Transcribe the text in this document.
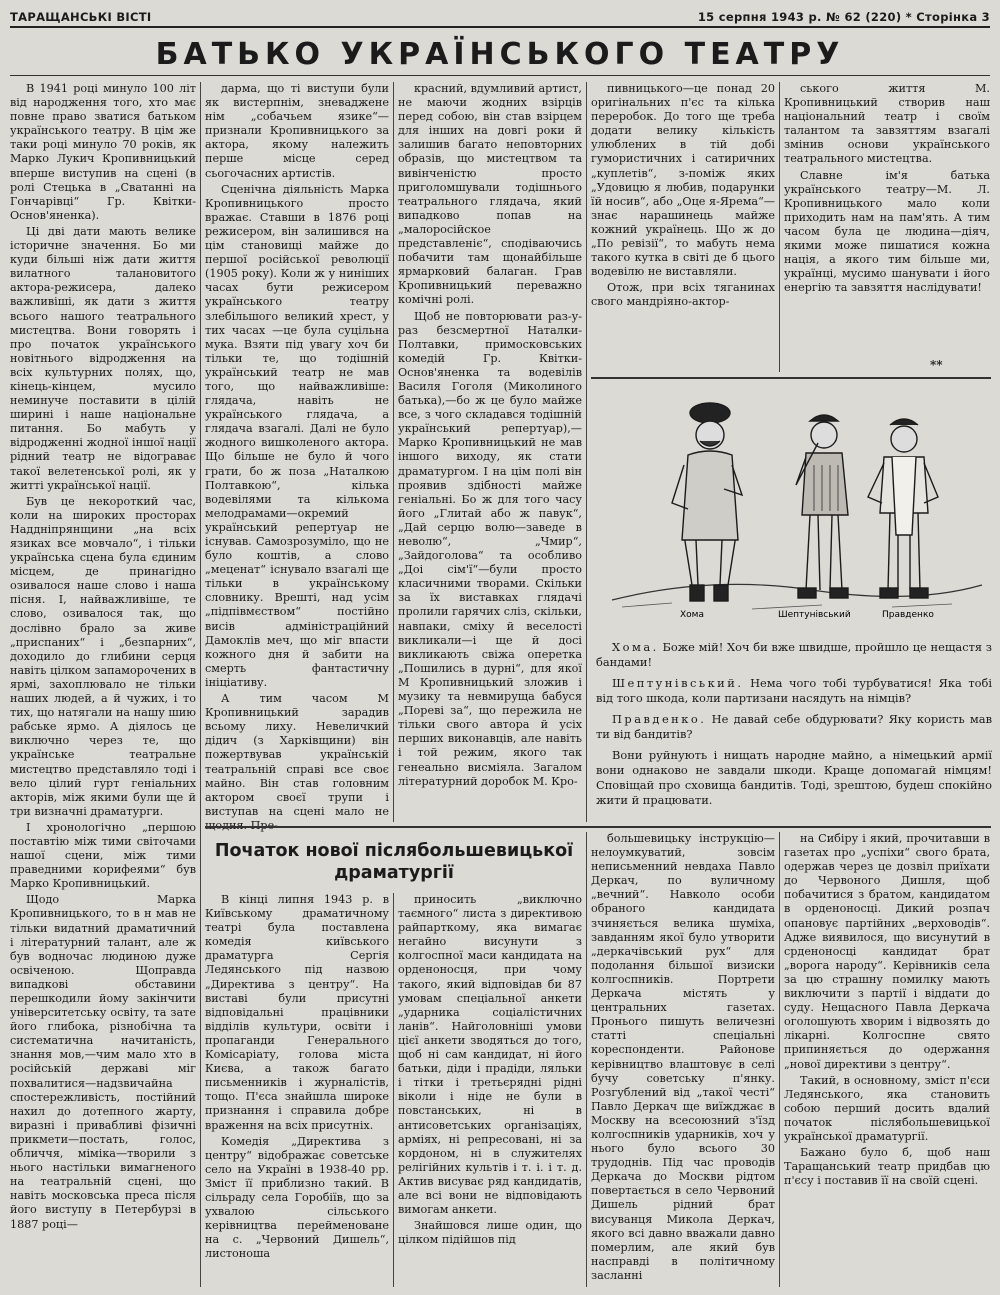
ТАРАЩАНСЬКІ ВІСТІ	15 серпня 1943 р. № 62 (220) * Сторінка 3
БАТЬКО УКРАЇНСЬКОГО ТЕАТРУ

В 1941 році минуло 100 літ від народження того, хто має повне право зватися батьком українського театру. В цім же таки році минуло 70 років, як Марко Лукич Кропивницький вперше виступив на сцені (в ролі Стецька в „Сватанні на Гончарівці“ Гр. Квітки-Основ'яненка).

Ці дві дати мають велике історичне значення. Бо ми куди більші ніж дати життя вилатного талановитого актора-режисера, далеко важливіші, як дати з життя всього нашого театрального мистецтва. Вони говорять і про початок українського новітнього відродження на всіх культурних полях, що, кінець-кінцем, мусило неминуче поставити в цілій ширині і наше національне питання. Бо мабуть у відродженні жодної іншої нації рідний театр не відограває такої велетенської ролі, як у житті української нації.

Був це некороткий час, коли на широких просторах Наддніпрянщини „на всіх язиках все мовчало“, і тільки українська сцена була єдиним місцем, де принагідно озивалося наше слово і наша пісня. І, найважливіше, те слово, озивалося так, що дослівно брало за живе „приспаних“ і „безпарних“, доходило до глибини серця навіть цілком запаморочених в ярмі, захоплювало не тільки наших людей, а й чужих, і то тих, що натягали на нашу шию рабське ярмо. А діялось це виключно через те, що українське театральне мистецтво представляло тоді і вело цілий гурт геніальних акторів, між якими були ще й три визначні драматурги.

І хронологічно „першою поставтію між тими світочами нашої сцени, між тими праведними корифеями“ був Марко Кропивницький.

Щодо Марка Кропивницького, то в н мав не тільки видатний драматичний і літературний талант, але ж був водночас людиною дуже освіченою. Щоправда випадкові обставини перешкодили йому закінчити університетську освіту, та зате його глибока, різнобічна та систематична начитаність, знання мов,—чим мало хто в російській державі міг похвалитися—надзвичайна спостережливість, постійний нахил до дотепного жарту, виразні і привабливі фізичні прикмети—постать, голос, обличчя, міміка—творили з нього настільки вимагненого на театральній сцені, що навіть московська преса після його виступу в Петербурзі в 1887 році—

дарма, що ті виступи були як вистерпнім, зневаджене нім „собачьем язике“—признали Кропивницького за актора, якому належить перше місце серед сьогочасних артистів.

Сценічна діяльність Марка Кропивницького просто вражає. Ставши в 1876 році режисером, він залишився на цім становищі майже до першої російської революції (1905 року). Коли ж у ниніших часах бути режисером українського театру злебільшого великий хрест, у тих часах —це була суцільна мука. Взяти під увагу хоч би тільки те, що тодішній український театр не мав того, що найважливіше: глядача, навіть не українського глядача, а глядача взагалі. Далі не було жодного вишколеного актора. Що більше не було й чого грати, бо ж поза „Наталкою Полтавкою“, кілька водевілями та кількома мелодрамами—окремий український репертуар не існував. Самозрозуміло, що не було коштів, а слово „меценат“ існувало взагалі ще тільки в українському словнику. Врешті, над усім „підпівмєством“ постійно висів адміністраційний Дамоклів меч, що міг впасти кожного дня й забити на смерть фантастичну ініціативу.

А тим часом М Кропивницький зарадив всьому лиху. Невеличкий дідич (з Харківщини) він пожертвував українській театральній справі все своє майно. Він став головним актором своєї трупи і виступав на сцені мало не

красний, вдумливий артист, не маючи жодних взірців перед собою, він став взірцем для інших на довгі роки й залишив багато неповторних образів, що мистецтвом та вивінченістю просто приголомшували тодішнього театрального глядача, який випадково попав на „малоросійское представленіє“, сподіваючись побачити там щонайбільше ярмарковий балаган. Грав Кропивницький переважно комічні ролі.

Щоб не повторювати раз-у-раз безсмертної Наталки-Полтавки, примосковських комедій Гр. Квітки-Основ'яненка та водевілів Василя Гоголя (Миколиного батька),—бо ж це було майже все, з чого складався тодішній український репертуар),—Марко Кропивницький не мав іншого виходу, як стати драматургом. І на цім полі він проявив здібності майже геніальні. Бо ж для того часу його „Глитай або ж павук“, „Дай серцю волю—заведе в неволю“, „Чмир“, „Зайдоголова“ та особливо „Доі сім'ї“—були просто класичними творами. Скільки за їх виставках глядачі пролили гарячих сліз, скільки, навпаки, сміху й веселості викликали—і ще й досі викликають свіжа оперетка „Пошились в дурні“, для якої М Кропивницький зложив і музику та невмируща бабуся „Пореві за“, що пережила не тільки свого автора й усіх перших виконавців, але навіть і той режим, якого так генеально висміяла. Загалом літературний доробок М. Кро-

пивницького—це понад 20 оригінальних п'єс та кілька переробок. До того ще треба додати велику кількість улюблених в тій добі гумористичних і сатиричних „куплетів“, з-поміж яких „Удовицю я любив, подарунки їй носив“, або „Оце я-Ярема“—знає нарашинець майже кожний українець. Що ж до „По ревізії“, то мабуть нема такого кутка в світі де б цього водевілю не виставляли.

Отож, при всіх тяганинах свого мандріяно-актор-

ського життя М. Кропивницький створив наш національний театр і своїм талантом та завзяттям взагалі змінив основи українського театрального мистецтва.

Славне ім'я батька українського театру—М. Л. Кропивницького мало коли приходить нам на пам'ять. А тим часом була це людина—діяч, якими може пишатися кожна нація, а якого тим більше ми, українці, мусимо шанувати і його енергію та завзяття наслідувати!

**
Хома	Шептунівський	Правденко

Хома. Боже мій! Хоч би вже швидше, пройшло це нещастя з бандами!

Шептунівський. Нема чого тобі турбуватися! Яка тобі від того шкода, коли партизани насядуть на німців?

Правденко. Не давай себе обдурювати? Яку користь мав ти від бандитів?

Вони руйнують і нищать народне майно, а німецький армії вони однаково не завдали шкоди. Краще допомагай німцям! Сповіщай про сховища бандитів. Тоді, зрештою, будеш спокійно жити й працювати.

Початок нової післябольшевицької
драматургії

В кінці липня 1943 р. в Київському драматичному театрі була поставлена комедія київського драматурга Сергія Ледянського під назвою „Директива з центру“. На виставі були присутні відповідальні працівники відділів культури, освіти і пропаганди Генерального Комісаріату, голова міста Києва, а також багато письменників і журналістів, тощо. П'єса знайшла широке признання і справила добре враження на всіх присутніх.

Комедія „Директива з центру“ відображає советське село на Україні в 1938-40 рр. Зміст її приблизно такий. В сільраду села Горобіїв, що за ухвалою сільського керівництва перейменоване на с. „Червоний Дишель“, листоноша

приносить „виключно таємного“ листа з директивою райпарткому, яка вимагає негайно висунути з колгоспної маси кандидата на орденоносця, при чому такого, який відповідав би 87 умовам спеціальної анкети „ударника соціалістичних ланів“. Найголовніші умови цієї анкети зводяться до того, щоб ні сам кандидат, ні його батьки, діди і прадіди, ляльки і тітки і третьєрядні рідні віколи і ніде не були в повстанських, ні в антисоветських організаціях, арміях, ні репресовані, ні за кордоном, ні в служителях релігійних культів і т. і. і т. д. Актив висуває ряд кандидатів, але всі вони не відповідають вимогам анкети.

Знайшовся лише один, що цілком підійшов під

большевицьку інструкцію—нелоумкуватий, зовсім неписьменний невдаха Павло Деркач, по вуличному „вечний“. Навколо особи обраного кандидата зчиняється велика шуміха, завданням якої було утворити „деркачівський рух“ для подолання більшої визиски колгоспників. Портрети Деркача містять у центральних газетах. Пронього пишуть величезні статті спеціальні кореспонденти. Районове керівництво влаштовує в селі бучу советську п'янку. Розгублений від „такої честі“ Павло Деркач ще виїжджає в Москву на всесоюзний з'їзд колгоспників ударників, хоч у нього було всього 30 трудоднів. Під час проводів Деркача до Москви рідтом повертається в село Червоний Дишель рідний брат висуванця Микола Деркач, якого всі давно вважали давно померлим, але який був насправді в політичному засланні

на Сибіру і який, прочитавши в газетах про „успіхи“ свого брата, одержав через це дозвіл приїхати до Червоного Дишля, щоб побачитися з братом, кандидатом в орденоносці. Дикий розпач опановує партійних „верховодів“. Адже виявилося, що висунутий в срденоносці кандидат брат „ворога народу“. Керівників села за цю страшну помилку мають виключити з партії і віддати до суду. Нещасного Павла Деркача оголошують хворим і відвозять до лікарні. Колгоспне свято припиняється до одержання „нової директиви з центру“.

Такий, в основному, зміст п'єси Ледянського, яка становить собою перший досить вдалий початок післябольшевицької української драматургії.

Бажано було б, щоб наш Таращанський театр придбав цю п'єсу і поставив її на своїй сцені.
